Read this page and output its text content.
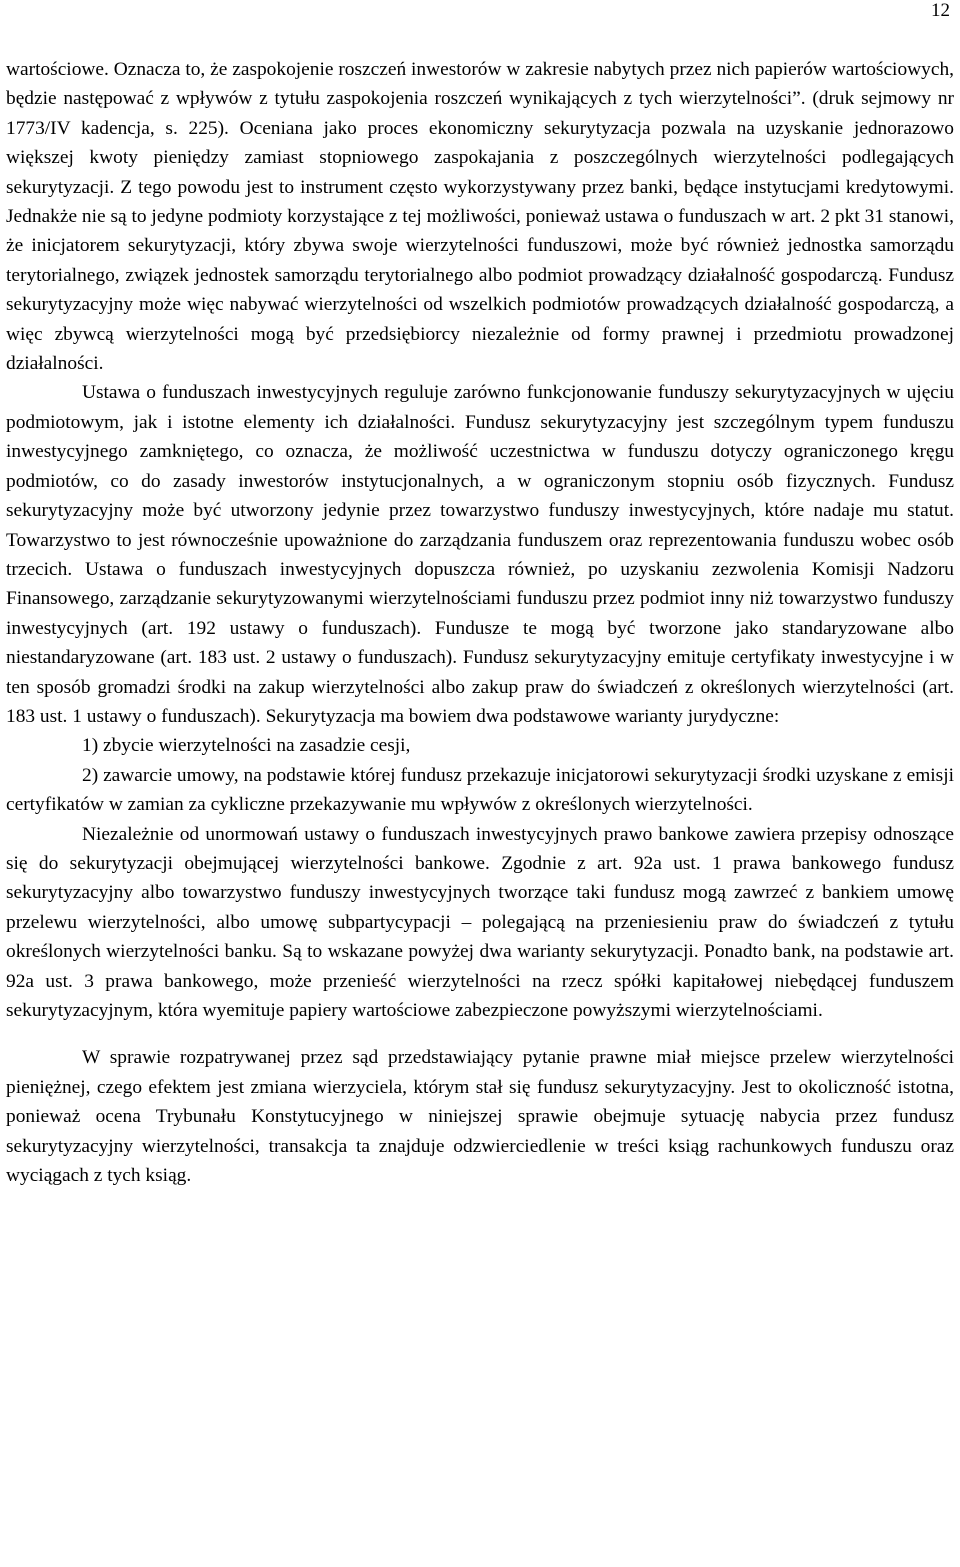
12

wartościowe. Oznacza to, że zaspokojenie roszczeń inwestorów w zakresie nabytych przez nich papierów wartościowych, będzie następować z wpływów z tytułu zaspokojenia roszczeń wynikających z tych wierzytelności”. (druk sejmowy nr 1773/IV kadencja, s. 225). Oceniana jako proces ekonomiczny sekurytyzacja pozwala na uzyskanie jednorazowo większej kwoty pieniędzy zamiast stopniowego zaspokajania z poszczególnych wierzytelności podlegających sekurytyzacji. Z tego powodu jest to instrument często wykorzystywany przez banki, będące instytucjami kredytowymi. Jednakże nie są to jedyne podmioty korzystające z tej możliwości, ponieważ ustawa o funduszach w art. 2 pkt 31 stanowi, że inicjatorem sekurytyzacji, który zbywa swoje wierzytelności funduszowi, może być również jednostka samorządu terytorialnego, związek jednostek samorządu terytorialnego albo podmiot prowadzący działalność gospodarczą. Fundusz sekurytyzacyjny może więc nabywać wierzytelności od wszelkich podmiotów prowadzących działalność gospodarczą, a więc zbywcą wierzytelności mogą być przedsiębiorcy niezależnie od formy prawnej i przedmiotu prowadzonej działalności.

Ustawa o funduszach inwestycyjnych reguluje zarówno funkcjonowanie funduszy sekurytyzacyjnych w ujęciu podmiotowym, jak i istotne elementy ich działalności. Fundusz sekurytyzacyjny jest szczególnym typem funduszu inwestycyjnego zamkniętego, co oznacza, że możliwość uczestnictwa w funduszu dotyczy ograniczonego kręgu podmiotów, co do zasady inwestorów instytucjonalnych, a w ograniczonym stopniu osób fizycznych. Fundusz sekurytyzacyjny może być utworzony jedynie przez towarzystwo funduszy inwestycyjnych, które nadaje mu statut. Towarzystwo to jest równocześnie upoważnione do zarządzania funduszem oraz reprezentowania funduszu wobec osób trzecich. Ustawa o funduszach inwestycyjnych dopuszcza również, po uzyskaniu zezwolenia Komisji Nadzoru Finansowego, zarządzanie sekurytyzowanymi wierzytelnościami funduszu przez podmiot inny niż towarzystwo funduszy inwestycyjnych (art. 192 ustawy o funduszach). Fundusze te mogą być tworzone jako standaryzowane albo niestandaryzowane (art. 183 ust. 2 ustawy o funduszach). Fundusz sekurytyzacyjny emituje certyfikaty inwestycyjne i w ten sposób gromadzi środki na zakup wierzytelności albo zakup praw do świadczeń z określonych wierzytelności (art. 183 ust. 1 ustawy o funduszach). Sekurytyzacja ma bowiem dwa podstawowe warianty jurydyczne:

1) zbycie wierzytelności na zasadzie cesji,

2) zawarcie umowy, na podstawie której fundusz przekazuje inicjatorowi sekurytyzacji środki uzyskane z emisji certyfikatów w zamian za cykliczne przekazywanie mu wpływów z określonych wierzytelności.

Niezależnie od unormowań ustawy o funduszach inwestycyjnych prawo bankowe zawiera przepisy odnoszące się do sekurytyzacji obejmującej wierzytelności bankowe. Zgodnie z art. 92a ust. 1 prawa bankowego fundusz sekurytyzacyjny albo towarzystwo funduszy inwestycyjnych tworzące taki fundusz mogą zawrzeć z bankiem umowę przelewu wierzytelności, albo umowę subpartycypacji – polegającą na przeniesieniu praw do świadczeń z tytułu określonych wierzytelności banku. Są to wskazane powyżej dwa warianty sekurytyzacji. Ponadto bank, na podstawie art. 92a ust. 3 prawa bankowego, może przenieść wierzytelności na rzecz spółki kapitałowej niebędącej funduszem sekurytyzacyjnym, która wyemituje papiery wartościowe zabezpieczone powyższymi wierzytelnościami.

W sprawie rozpatrywanej przez sąd przedstawiający pytanie prawne miał miejsce przelew wierzytelności pieniężnej, czego efektem jest zmiana wierzyciela, którym stał się fundusz sekurytyzacyjny. Jest to okoliczność istotna, ponieważ ocena Trybunału Konstytucyjnego w niniejszej sprawie obejmuje sytuację nabycia przez fundusz sekurytyzacyjny wierzytelności, transakcja ta znajduje odzwierciedlenie w treści ksiąg rachunkowych funduszu oraz wyciągach z tych ksiąg.
